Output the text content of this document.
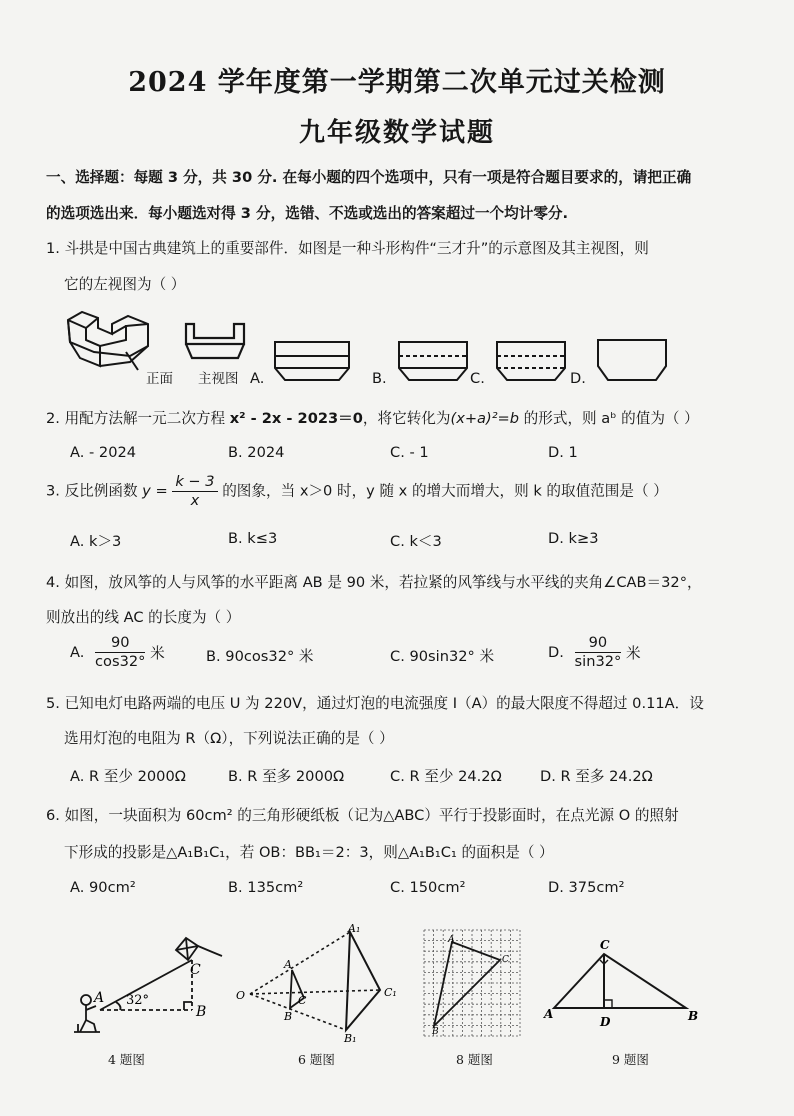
2024 学年度第一学期第二次单元过关检测
九年级数学试题
一、选择题：每题 3 分，共 30 分. 在每小题的四个选项中，只有一项是符合题目要求的，请把正确
的选项选出来．每小题选对得 3 分，选错、不选或选出的答案超过一个均计零分.
1. 斗拱是中国古典建筑上的重要部件．如图是一种斗形构件“三才升”的示意图及其主视图，则
它的左视图为（ ）
正面 主视图 A.	B.	C.	D.
2. 用配方法解一元二次方程 x² - 2x - 2023＝0，将它转化为(x+a)²=b 的形式，则 aᵇ 的值为（ ）
A. - 2024	B. 2024	C. - 1	D. 1
3. 反比例函数 $y = \frac{k - 3}{x}$ 的图象，当 x＞0 时，y 随 x 的增大而增大，则 k 的取值范围是（ ）
A. k＞3	B. k≤3	C. k＜3	D. k≥3
4. 如图，放风筝的人与风筝的水平距离 AB 是 90 米，若拉紧的风筝线与水平线的夹角∠CAB＝32°，
则放出的线 AC 的长度为（ ）
A. $\frac{90}{\cos 32^\circ}$ 米	B. 90cos32° 米	C. 90sin32° 米	D. $\frac{90}{\sin 32^\circ}$ 米
5. 已知电灯电路两端的电压 U 为 220V，通过灯泡的电流强度 I（A）的最大限度不得超过 0.11A．设
选用灯泡的电阻为 R（Ω），下列说法正确的是（ ）
A. R 至少 2000Ω	B. R 至多 2000Ω	C. R 至少 24.2Ω	D. R 至多 24.2Ω
6. 如图，一块面积为 60cm² 的三角形硬纸板（记为△ABC）平行于投影面时，在点光源 O 的照射
下形成的投影是△A₁B₁C₁，若 OB：BB₁＝2：3，则△A₁B₁C₁ 的面积是（ ）
A. 90cm²	B. 135cm²	C. 150cm²	D. 375cm²
A
B
C
32°
4 题图
O
A
B
C
A₁
B₁
C₁
6 题图
A
B
C
8 题图
C
A
D	B
9 题图
